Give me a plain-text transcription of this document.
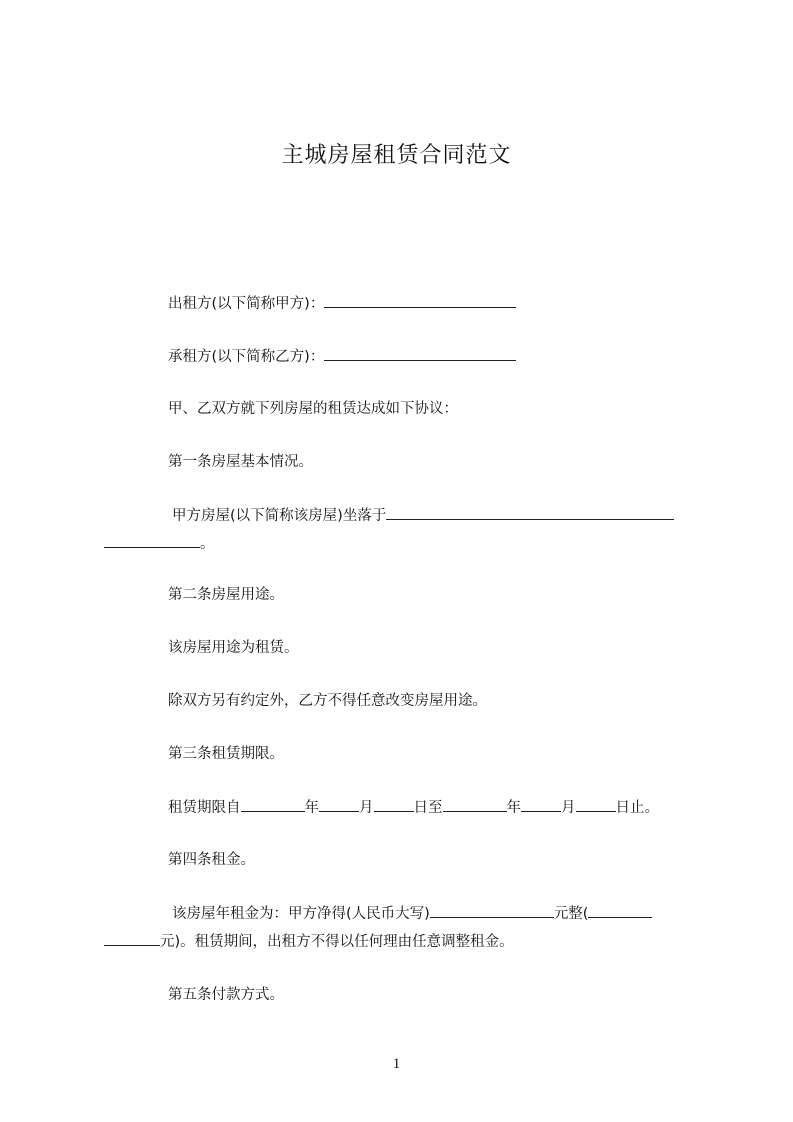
主城房屋租赁合同范文
出租方(以下简称甲方)：
承租方(以下简称乙方)：
甲、乙双方就下列房屋的租赁达成如下协议：
第一条房屋基本情况。
甲方房屋(以下简称该房屋)坐落于
。
第二条房屋用途。
该房屋用途为租赁。
除双方另有约定外，乙方不得任意改变房屋用途。
第三条租赁期限。
租赁期限自	年	月	日至	年	月	日止。
第四条租金。
该房屋年租金为：甲方净得(人民币大写)	元整(
元)。租赁期间，出租方不得以任何理由任意调整租金。
第五条付款方式。
1
